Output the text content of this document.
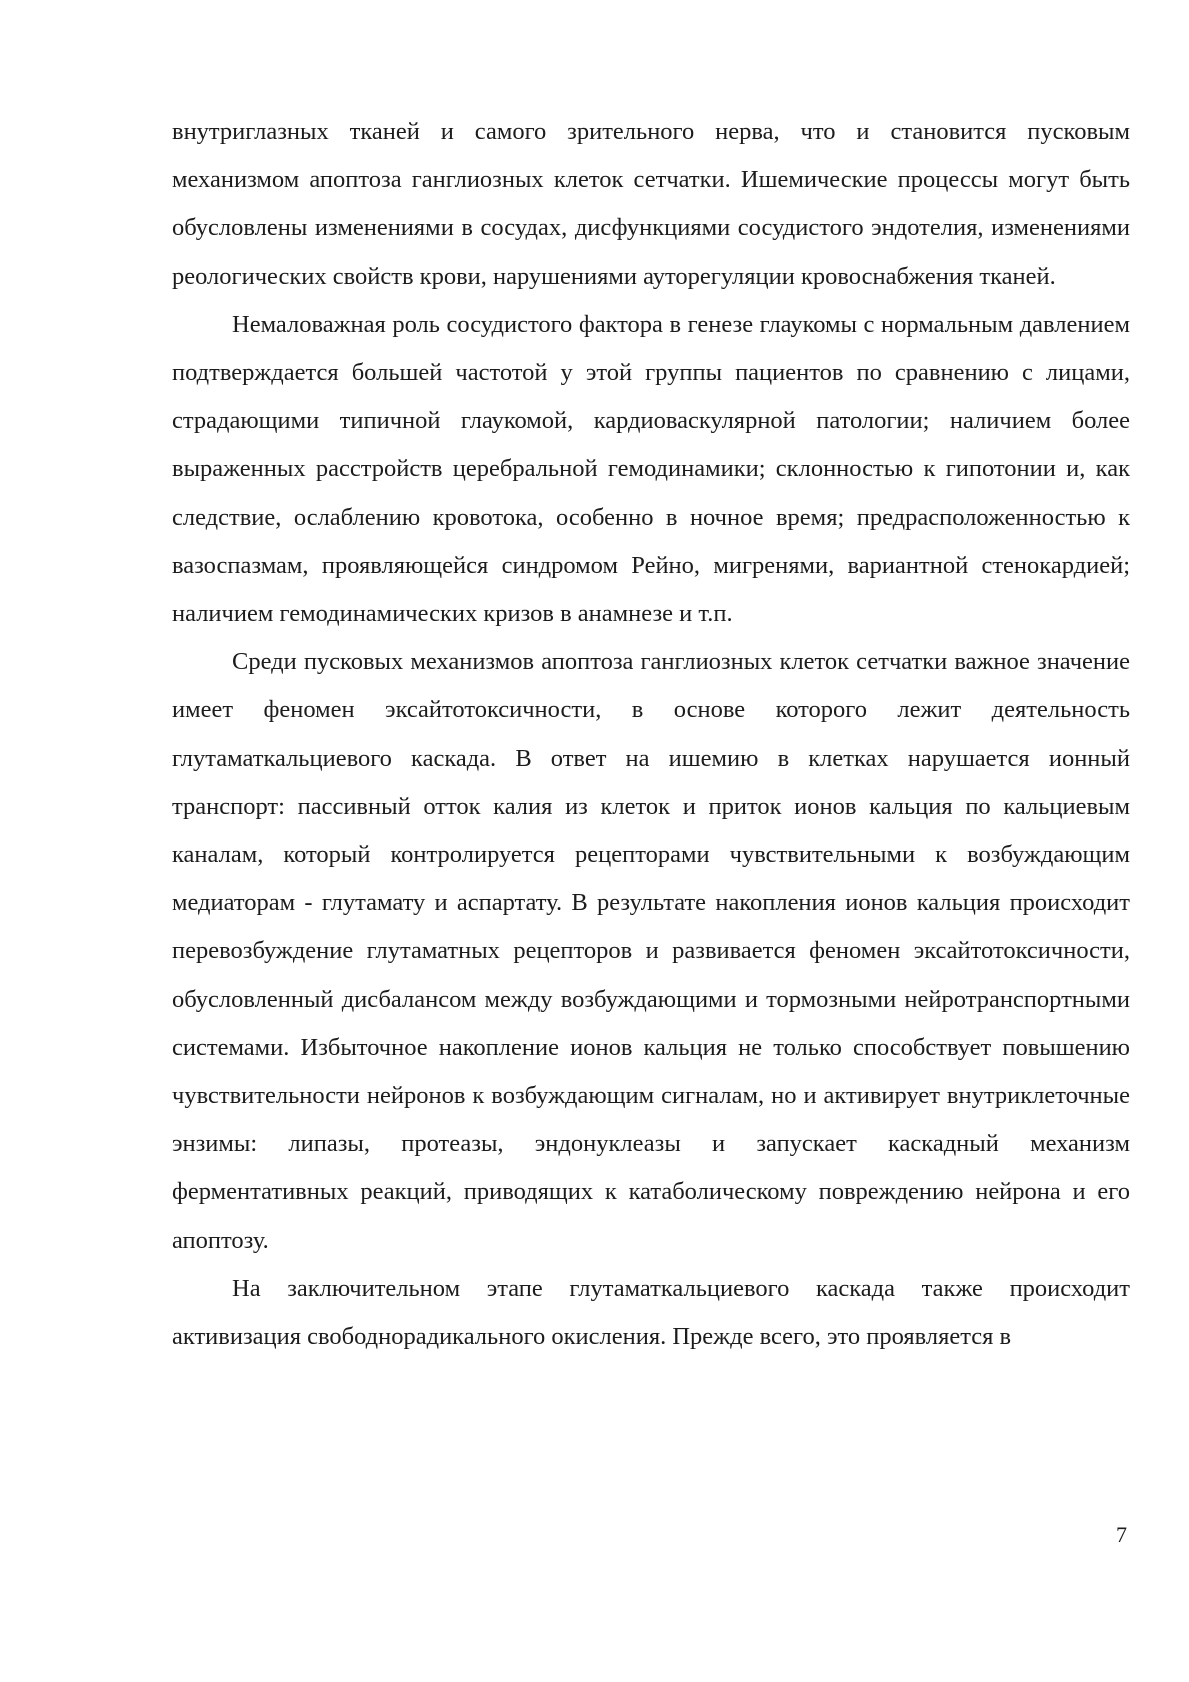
внутриглазных тканей и самого зрительного нерва, что и становится пусковым механизмом апоптоза ганглиозных клеток сетчатки. Ишемические процессы могут быть обусловлены изменениями в сосудах, дисфункциями сосудистого эндотелия, изменениями реологических свойств крови, нарушениями ауторегуляции кровоснабжения тканей.

Немаловажная роль сосудистого фактора в генезе глаукомы с нормальным давлением подтверждается большей частотой у этой группы пациентов по сравнению с лицами, страдающими типичной глаукомой, кардиоваскулярной патологии; наличием более выраженных расстройств церебральной гемодинамики; склонностью к гипотонии и, как следствие, ослаблению кровотока, особенно в ночное время; предрасположенностью к вазоспазмам, проявляющейся синдромом Рейно, мигренями, вариантной стенокардией; наличием гемодинамических кризов в анамнезе и т.п.

Среди пусковых механизмов апоптоза ганглиозных клеток сетчатки важное значение имеет феномен эксайтотоксичности, в основе которого лежит деятельность глутаматкальциевого каскада. В ответ на ишемию в клетках нарушается ионный транспорт: пассивный отток калия из клеток и приток ионов кальция по кальциевым каналам, который контролируется рецепторами чувствительными к возбуждающим медиаторам - глутамату и аспартату. В результате накопления ионов кальция происходит перевозбуждение глутаматных рецепторов и развивается феномен эксайтотоксичности, обусловленный дисбалансом между возбуждающими и тормозными нейротранспортными системами. Избыточное накопление ионов кальция не только способствует повышению чувствительности нейронов к возбуждающим сигналам, но и активирует внутриклеточные энзимы: липазы, протеазы, эндонуклеазы и запускает каскадный механизм ферментативных реакций, приводящих к катаболическому повреждению нейрона и его апоптозу.

На заключительном этапе глутаматкальциевого каскада также происходит активизация свободнорадикального окисления. Прежде всего, это проявляется в

7
